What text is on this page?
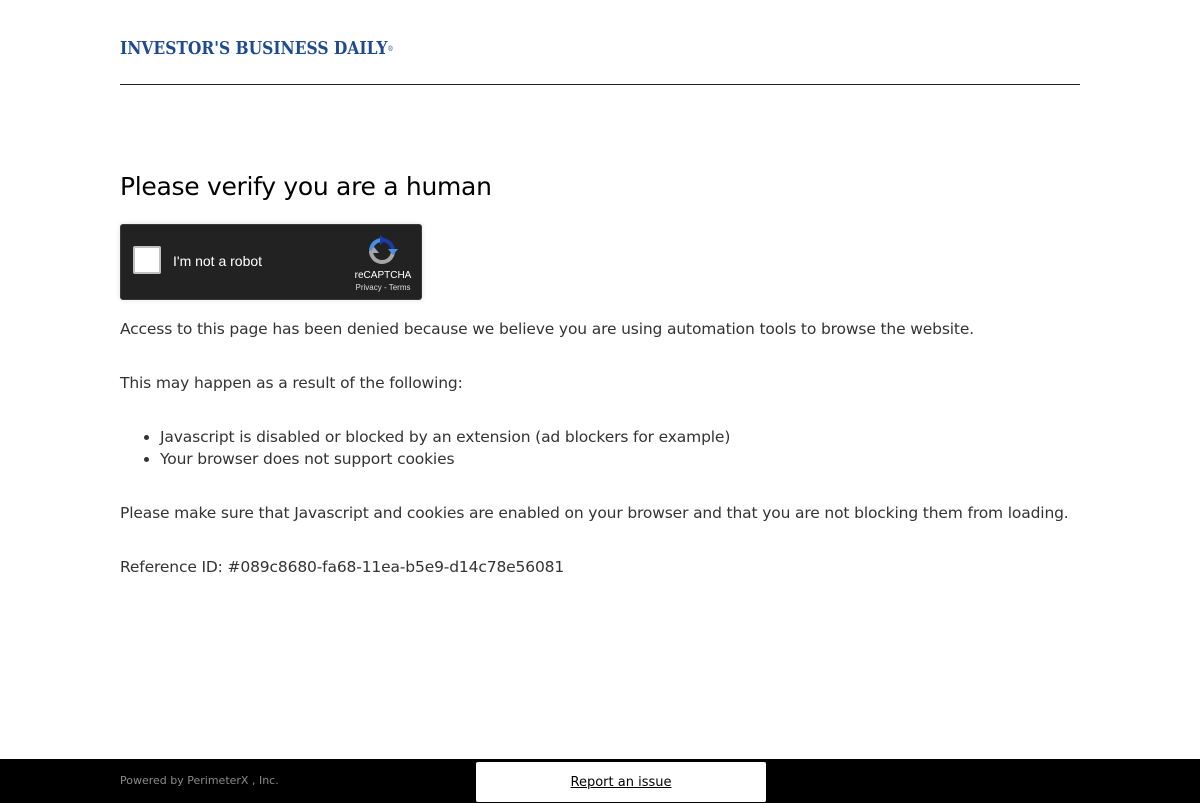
INVESTOR'S BUSINESS DAILY®
Please verify you are a human
I'm not a robot
reCAPTCHA
Privacy - Terms
Access to this page has been denied because we believe you are using automation tools to browse the website.
This may happen as a result of the following:
• Javascript is disabled or blocked by an extension (ad blockers for example)
• Your browser does not support cookies
Please make sure that Javascript and cookies are enabled on your browser and that you are not blocking them from loading.
Reference ID: #089c8680-fa68-11ea-b5e9-d14c78e56081
Powered by PerimeterX , Inc.	Report an issue
